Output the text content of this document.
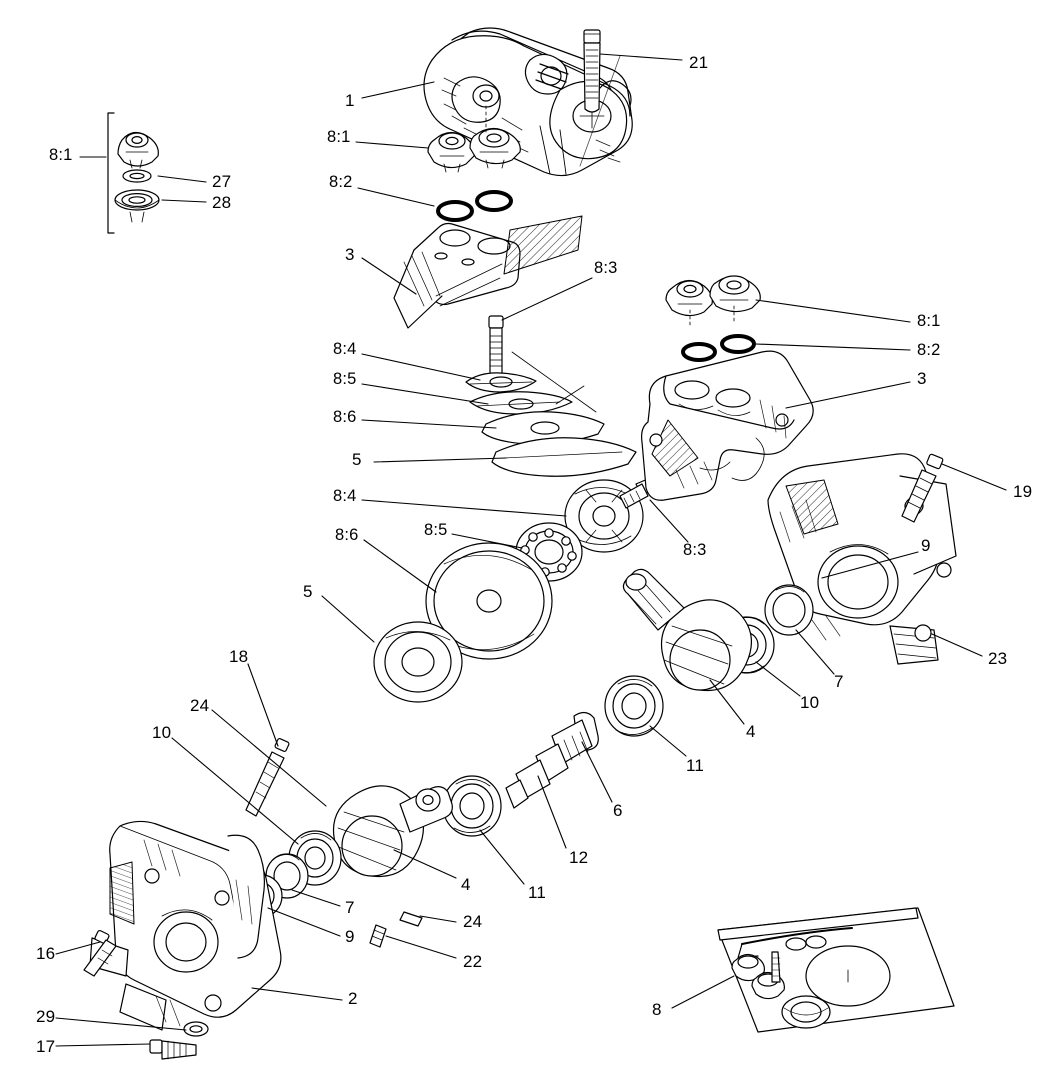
1
21
8:1
8:1
27
28
8:2
3
8:3
8:1
8:2
3
8:4
8:5
8:6
5
8:4
8:3	9
19
23
8:5
8:6
5
7
10
4
11
18
24
10
6
12
11
4
7
9
24
22
16
2
29
17
8
